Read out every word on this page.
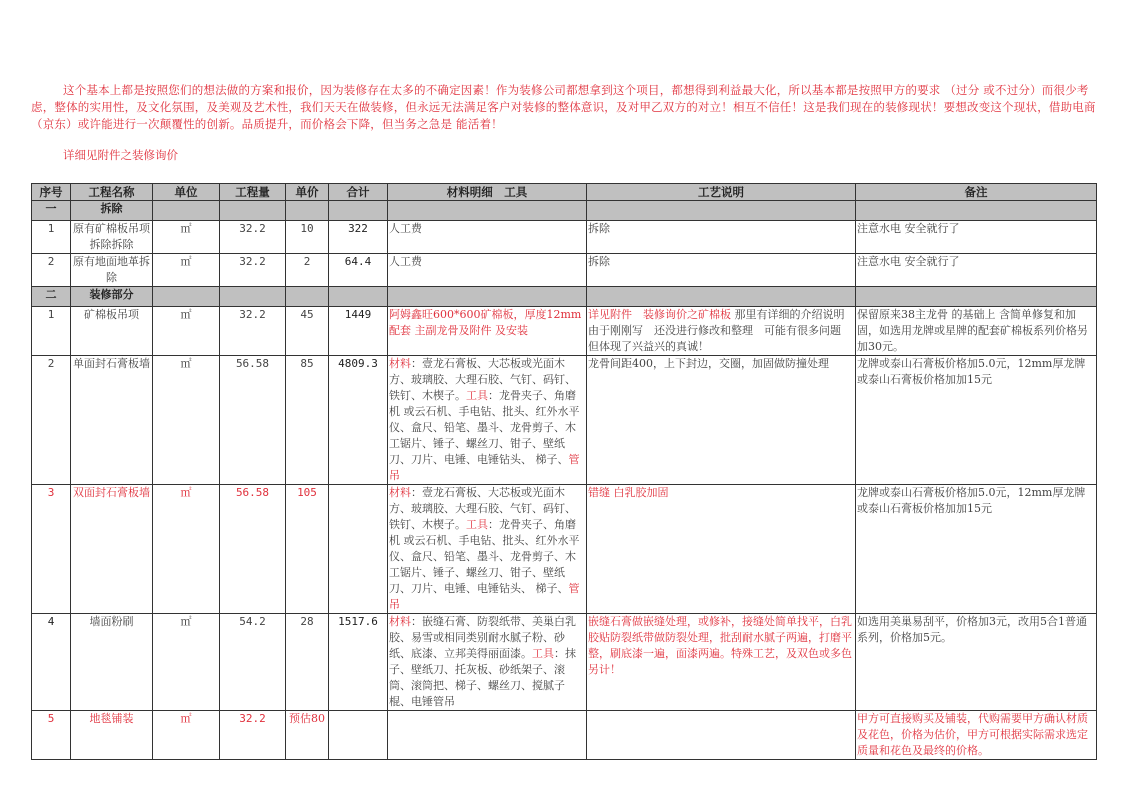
这个基本上都是按照您们的想法做的方案和报价，因为装修存在太多的不确定因素！作为装修公司都想拿到这个项目，都想得到利益最大化，所以基本都是按照甲方的要求 （过分 或不过分）而很少考虑，整体的实用性，及文化氛围，及美观及艺术性，我们天天在做装修，但永远无法满足客户对装修的整体意识，及对甲乙双方的对立！相互不信任！这是我们现在的装修现状！要想改变这个现状，借助电商（京东）或许能进行一次颠覆性的创新。品质提升，而价格会下降，但当务之急是 能活着！
详细见附件之装修询价
序号	工程名称	单位	工程量	单价	合计	材料明细　工具	工艺说明	备注
一	拆除							
1	原有矿棉板吊项拆除拆除	㎡	32.2	10	322	人工费	拆除	注意水电 安全就行了
2	原有地面地革拆除	㎡	32.2	2	64.4	人工费	拆除	注意水电 安全就行了
二	装修部分							
1	矿棉板吊项	㎡	32.2	45	1449	阿姆鑫旺600*600矿棉板，厚度12mm配套 主副龙骨及附件 及安装	详见附件　装修询价之矿棉板 那里有详细的介绍说明 由于刚刚写　还没进行修改和整理　可能有很多问题 但体现了兴益兴的真诚！	保留原来38主龙骨 的基础上 含简单修复和加固，如选用龙牌或星牌的配套矿棉板系列价格另加30元。
2	单面封石膏板墙	㎡	56.58	85	4809.3	材料：壹龙石膏板、大芯板或光面木方、玻璃胶、大理石胶、气钉、码钉、铁钉、木楔子。工具：龙骨夹子、角磨机 或云石机、手电钻、批头、红外水平仪、盒尺、铅笔、墨斗、龙骨剪子、木工锯片、锤子、螺丝刀、钳子、壁纸刀、刀片、电锤、电锤钻头、 梯子、管吊	龙骨间距400，上下封边，交圈，加固做防撞处理	龙牌或泰山石膏板价格加5.0元，12mm厚龙牌或泰山石膏板价格加加15元
3	双面封石膏板墙	㎡	56.58	105		材料：壹龙石膏板、大芯板或光面木方、玻璃胶、大理石胶、气钉、码钉、铁钉、木楔子。工具：龙骨夹子、角磨机 或云石机、手电钻、批头、红外水平仪、盒尺、铅笔、墨斗、龙骨剪子、木工锯片、锤子、螺丝刀、钳子、壁纸刀、刀片、电锤、电锤钻头、 梯子、管吊	错缝 白乳胶加固	龙牌或泰山石膏板价格加5.0元，12mm厚龙牌或泰山石膏板价格加加15元
4	墙面粉刷	㎡	54.2	28	1517.6	材料：嵌缝石膏、防裂纸带、美巢白乳胶、易雪或相同类别耐水腻子粉、砂纸、底漆、立邦美得丽面漆。工具：抹子、壁纸刀、托灰板、砂纸架子、滚筒、滚筒把、梯子、螺丝刀、搅腻子棍、电锤管吊	嵌缝石膏做嵌缝处理，或修补，接缝处简单找平，白乳胶贴防裂纸带做防裂处理，批刮耐水腻子两遍，打磨平整，刷底漆一遍，面漆两遍。特殊工艺，及双色或多色另计！	如选用美巢易刮平，价格加3元，改用5合1普通系列，价格加5元。
5	地毯铺装	㎡	32.2	预估80				甲方可直接购买及铺装，代购需要甲方确认材质及花色，价格为估价，甲方可根据实际需求选定质量和花色及最终的价格。
